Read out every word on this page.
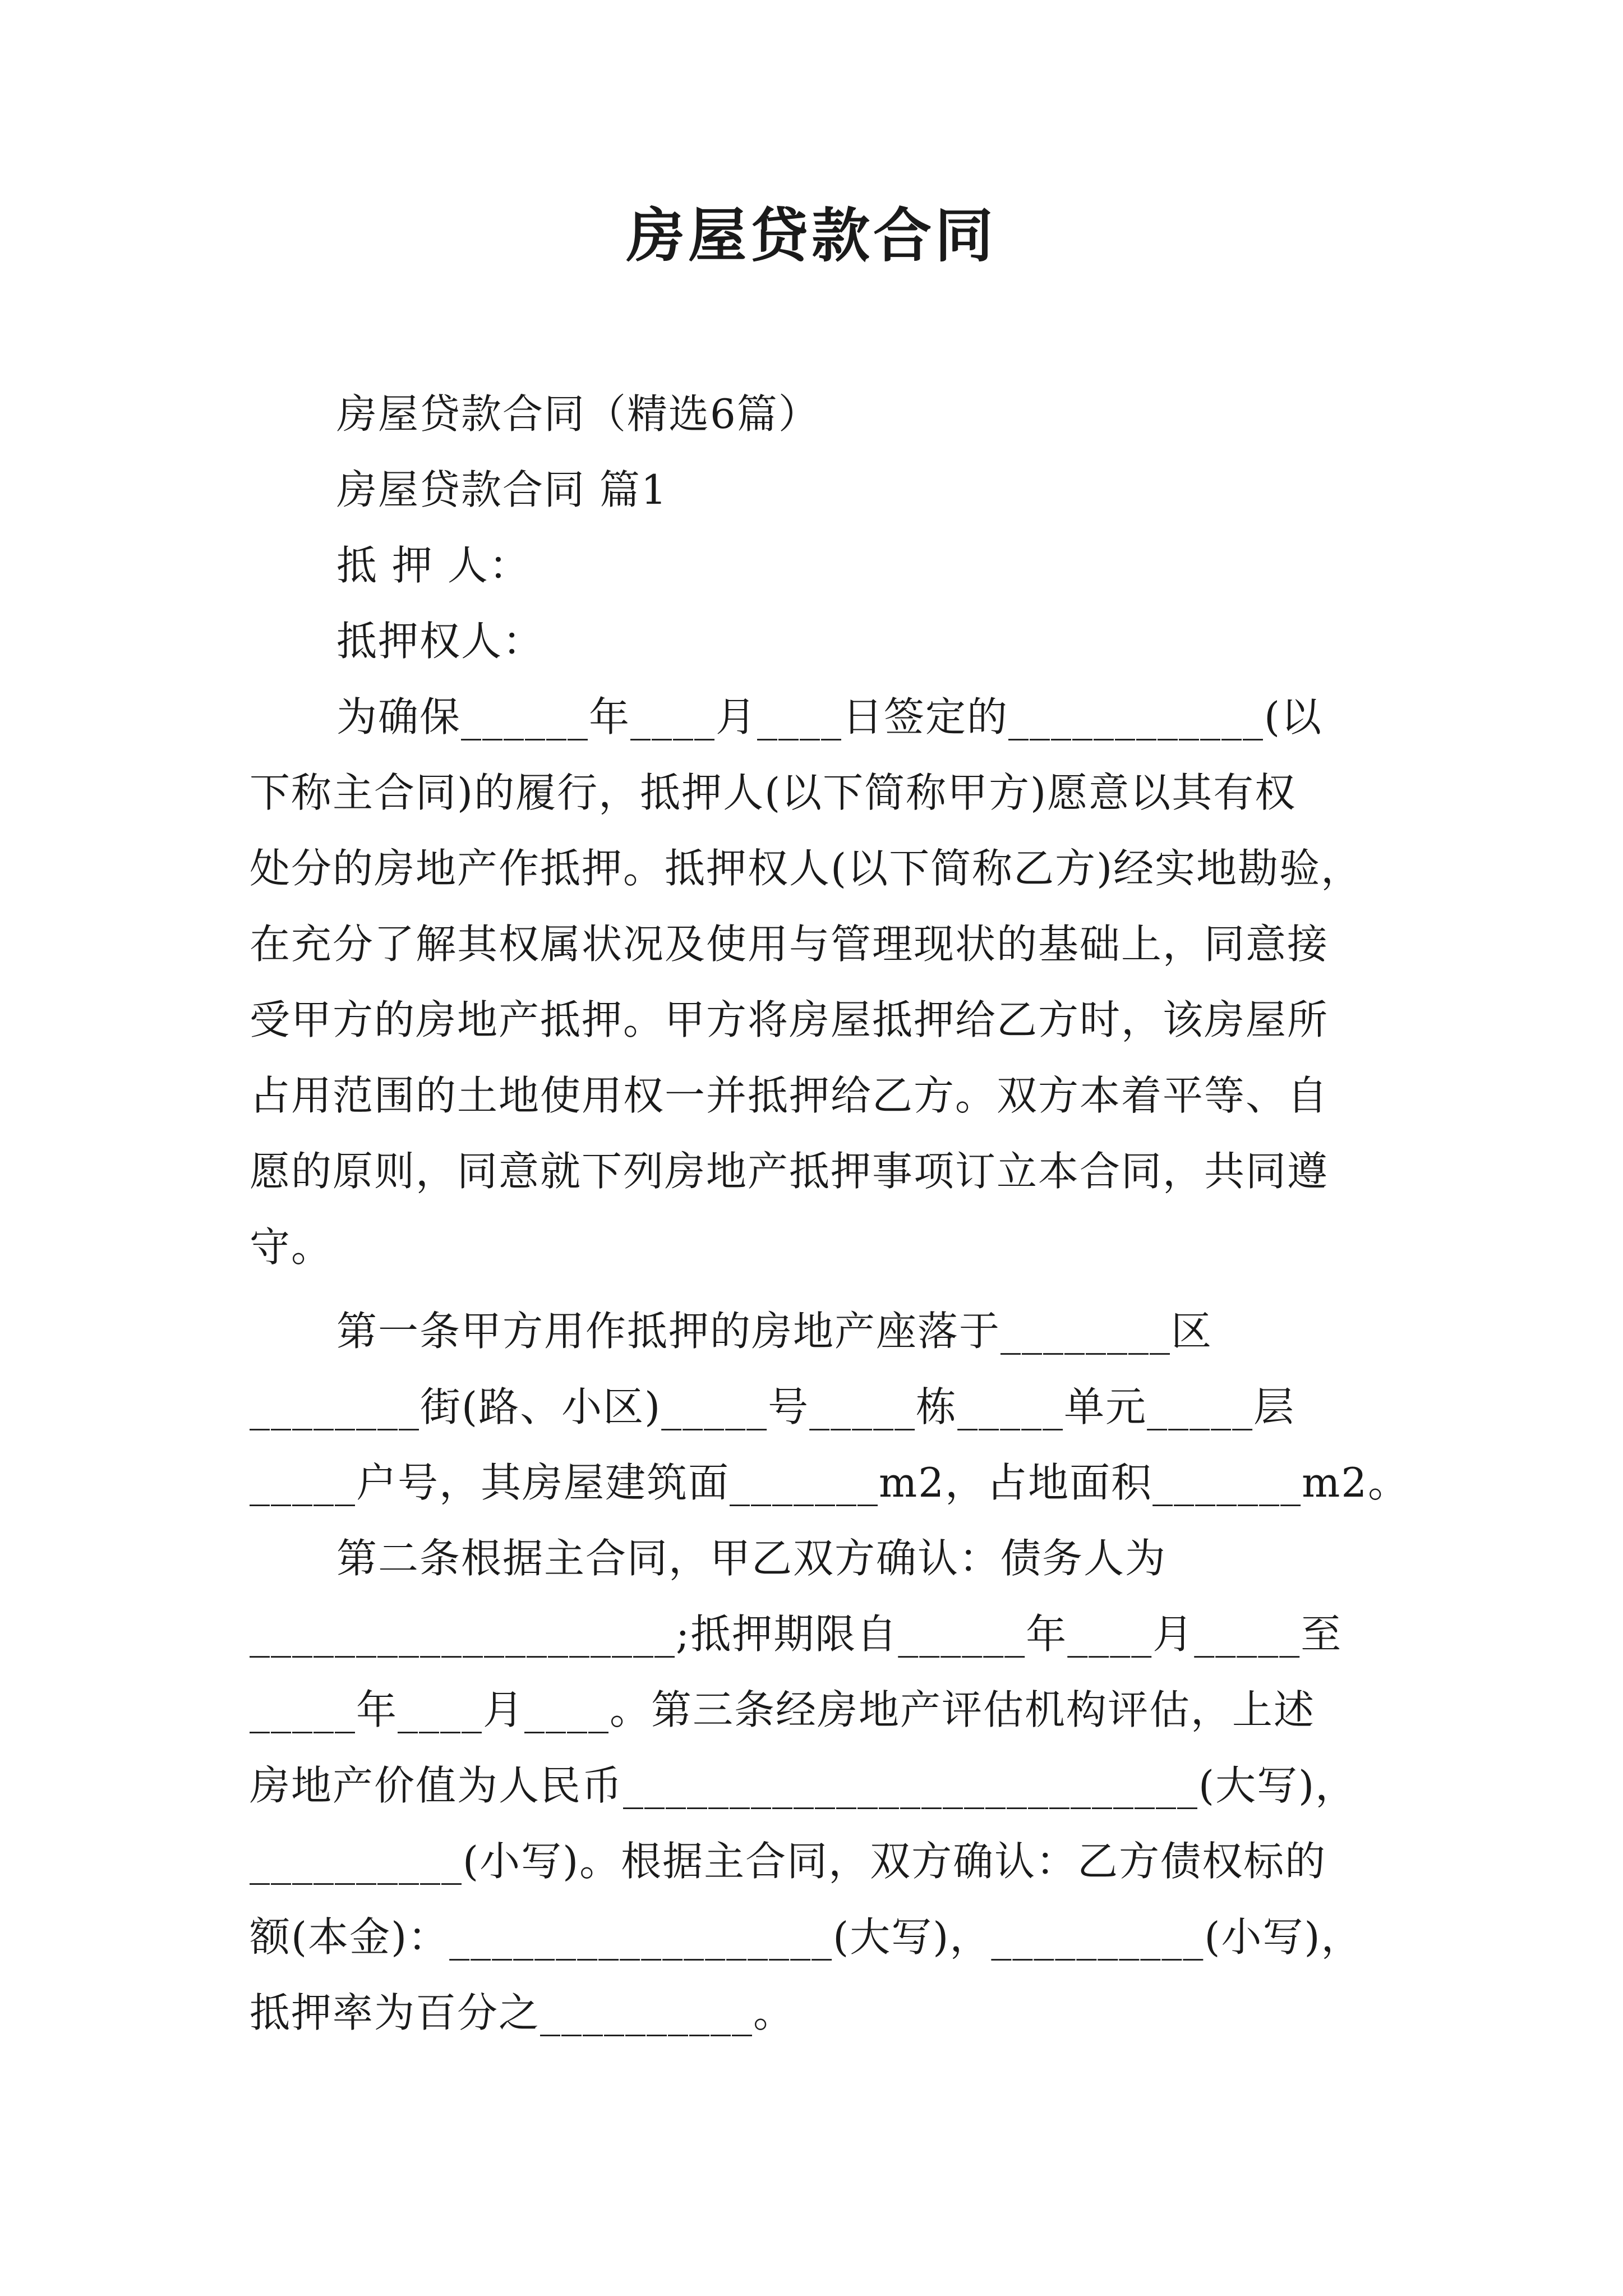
房屋贷款合同
房屋贷款合同（精选6篇）
房屋贷款合同 篇1
抵 押 人：
抵押权人：
为确保______年____月____日签定的____________(以
下称主合同)的履行，抵押人(以下简称甲方)愿意以其有权
处分的房地产作抵押。抵押权人(以下简称乙方)经实地勘验，
在充分了解其权属状况及使用与管理现状的基础上，同意接
受甲方的房地产抵押。甲方将房屋抵押给乙方时，该房屋所
占用范围的土地使用权一并抵押给乙方。双方本着平等、自
愿的原则，同意就下列房地产抵押事项订立本合同，共同遵
守。
第一条甲方用作抵押的房地产座落于________区
________街(路、小区)_____号_____栋_____单元_____层
_____户号，其房屋建筑面_______m2，占地面积_______m2。
第二条根据主合同，甲乙双方确认：债务人为
____________________;抵押期限自______年____月_____至
_____年____月____。第三条经房地产评估机构评估，上述
房地产价值为人民币___________________________(大写)，
__________(小写)。根据主合同，双方确认：乙方债权标的
额(本金)：__________________(大写)，__________(小写)，
抵押率为百分之__________。
